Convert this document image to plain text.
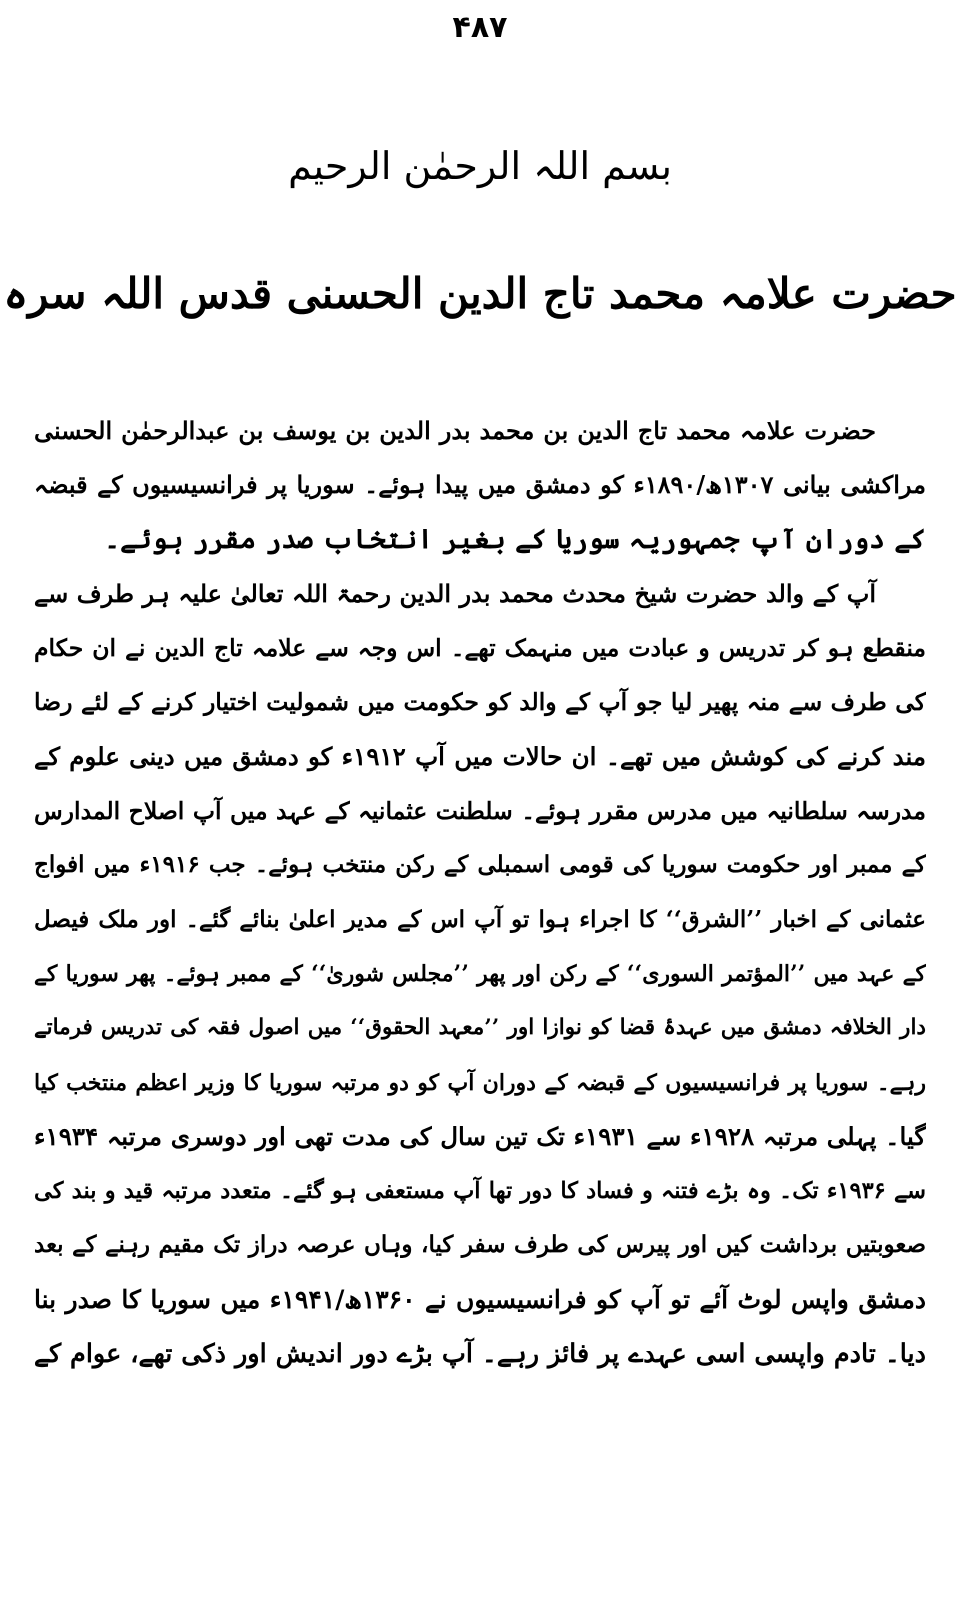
۴۸۷
بسم اللہ الرحمٰن الرحیم
حضرت علامہ محمد تاج الدین الحسنی قدس اللہ سرہ
حضرت علامہ محمد تاج الدین بن محمد بدر الدین بن یوسف بن عبدالرحمٰن الحسنی
مراکشی بیانی ۱۳۰۷ھ/۱۸۹۰ء کو دمشق میں پیدا ہوئے۔ سوریا پر فرانسیسیوں کے قبضہ
کے دوران آپ جمہوریہ سوریا کے بغیر انتخاب صدر مقرر ہوئے۔
آپ کے والد حضرت شیخ محدث محمد بدر الدین رحمۃ اللہ تعالیٰ علیہ ہر طرف سے
منقطع ہو کر تدریس و عبادت میں منہمک تھے۔ اس وجہ سے علامہ تاج الدین نے ان حکام
کی طرف سے منہ پھیر لیا جو آپ کے والد کو حکومت میں شمولیت اختیار کرنے کے لئے رضا
مند کرنے کی کوشش میں تھے۔ ان حالات میں آپ ۱۹۱۲ء کو دمشق میں دینی علوم کے
مدرسہ سلطانیہ میں مدرس مقرر ہوئے۔ سلطنت عثمانیہ کے عہد میں آپ اصلاح المدارس
کے ممبر اور حکومت سوریا کی قومی اسمبلی کے رکن منتخب ہوئے۔ جب ۱۹۱۶ء میں افواج
عثمانی کے اخبار ’’الشرق‘‘ کا اجراء ہوا تو آپ اس کے مدیر اعلیٰ بنائے گئے۔ اور ملک فیصل
کے عہد میں ’’المؤتمر السوری‘‘ کے رکن اور پھر ’’مجلس شوریٰ‘‘ کے ممبر ہوئے۔ پھر سوریا کے
دار الخلافہ دمشق میں عہدۂ قضا کو نوازا اور ’’معہد الحقوق‘‘ میں اصول فقہ کی تدریس فرماتے
رہے۔ سوریا پر فرانسیسیوں کے قبضہ کے دوران آپ کو دو مرتبہ سوریا کا وزیر اعظم منتخب کیا
گیا۔ پہلی مرتبہ ۱۹۲۸ء سے ۱۹۳۱ء تک تین سال کی مدت تھی اور دوسری مرتبہ ۱۹۳۴ء
سے ۱۹۳۶ء تک۔ وہ بڑے فتنہ و فساد کا دور تھا آپ مستعفی ہو گئے۔ متعدد مرتبہ قید و بند کی
صعوبتیں برداشت کیں اور پیرس کی طرف سفر کیا، وہاں عرصہ دراز تک مقیم رہنے کے بعد
دمشق واپس لوٹ آئے تو آپ کو فرانسیسیوں نے ۱۳۶۰ھ/۱۹۴۱ء میں سوریا کا صدر بنا
دیا۔ تادم واپسی اسی عہدے پر فائز رہے۔ آپ بڑے دور اندیش اور ذکی تھے، عوام کے
